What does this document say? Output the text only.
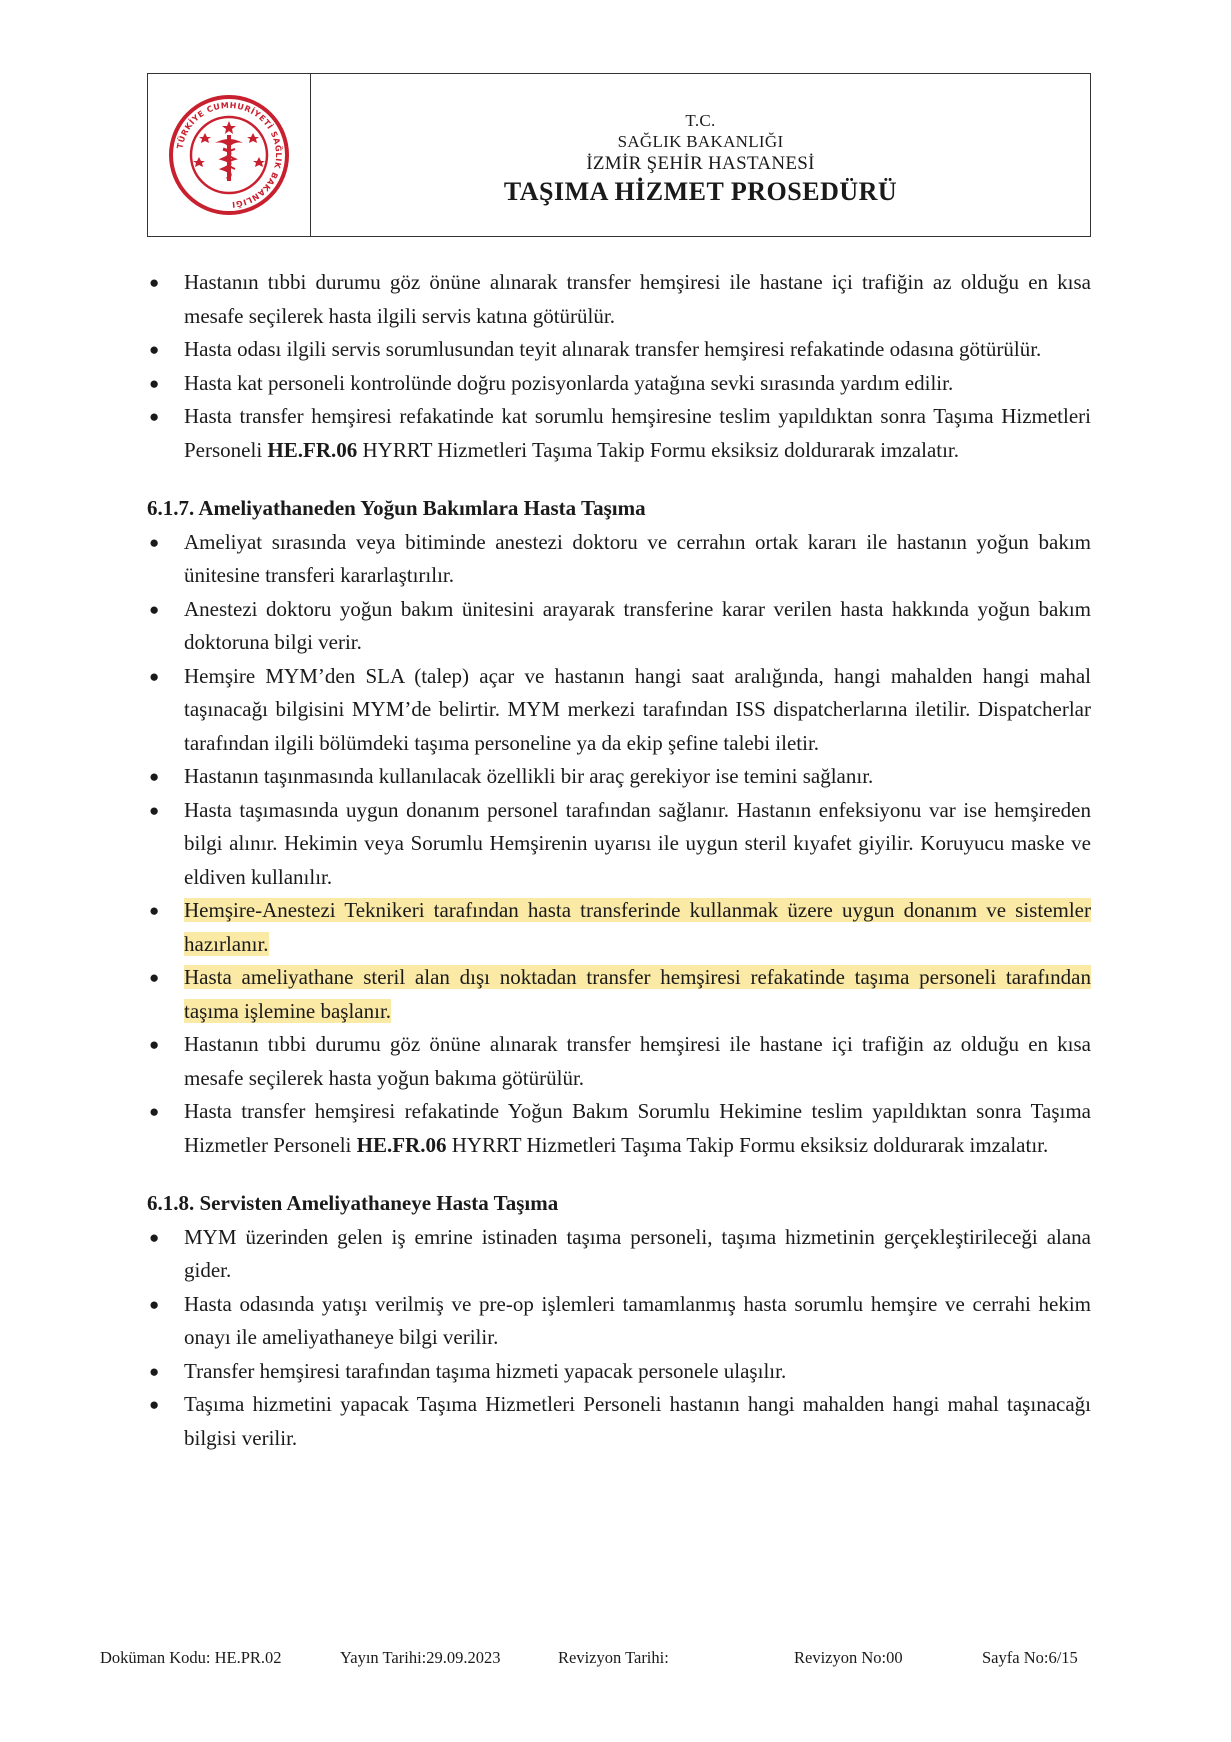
TÜRKİYE CUMHURİYETİ SAĞLIK BAKANLIĞI
T.C.
SAĞLIK BAKANLIĞI
İZMİR ŞEHİR HASTANESİ
TAŞIMA HİZMET PROSEDÜRÜ
● Hastanın tıbbi durumu göz önüne alınarak transfer hemşiresi ile hastane içi trafiğin az olduğu en kısa mesafe seçilerek hasta ilgili servis katına götürülür.
● Hasta odası ilgili servis sorumlusundan teyit alınarak transfer hemşiresi refakatinde odasına götürülür.
● Hasta kat personeli kontrolünde doğru pozisyonlarda yatağına sevki sırasında yardım edilir.
● Hasta transfer hemşiresi refakatinde kat sorumlu hemşiresine teslim yapıldıktan sonra Taşıma Hizmetleri Personeli HE.FR.06 HYRRT Hizmetleri Taşıma Takip Formu eksiksiz doldurarak imzalatır.
6.1.7. Ameliyathaneden Yoğun Bakımlara Hasta Taşıma
● Ameliyat sırasında veya bitiminde anestezi doktoru ve cerrahın ortak kararı ile hastanın yoğun bakım ünitesine transferi kararlaştırılır.
● Anestezi doktoru yoğun bakım ünitesini arayarak transferine karar verilen hasta hakkında yoğun bakım doktoruna bilgi verir.
● Hemşire MYM’den SLA (talep) açar ve hastanın hangi saat aralığında, hangi mahalden hangi mahal taşınacağı bilgisini MYM’de belirtir. MYM merkezi tarafından ISS dispatcherlarına iletilir. Dispatcherlar tarafından ilgili bölümdeki taşıma personeline ya da ekip şefine talebi iletir.
● Hastanın taşınmasında kullanılacak özellikli bir araç gerekiyor ise temini sağlanır.
● Hasta taşımasında uygun donanım personel tarafından sağlanır. Hastanın enfeksiyonu var ise hemşireden bilgi alınır. Hekimin veya Sorumlu Hemşirenin uyarısı ile uygun steril kıyafet giyilir. Koruyucu maske ve eldiven kullanılır.
● Hemşire-Anestezi Teknikeri tarafından hasta transferinde kullanmak üzere uygun donanım ve sistemler hazırlanır.
● Hasta ameliyathane steril alan dışı noktadan transfer hemşiresi refakatinde taşıma personeli tarafından taşıma işlemine başlanır.
● Hastanın tıbbi durumu göz önüne alınarak transfer hemşiresi ile hastane içi trafiğin az olduğu en kısa mesafe seçilerek hasta yoğun bakıma götürülür.
● Hasta transfer hemşiresi refakatinde Yoğun Bakım Sorumlu Hekimine teslim yapıldıktan sonra Taşıma Hizmetler Personeli HE.FR.06 HYRRT Hizmetleri Taşıma Takip Formu eksiksiz doldurarak imzalatır.
6.1.8. Servisten Ameliyathaneye Hasta Taşıma
● MYM üzerinden gelen iş emrine istinaden taşıma personeli, taşıma hizmetinin gerçekleştirileceği alana gider.
● Hasta odasında yatışı verilmiş ve pre-op işlemleri tamamlanmış hasta sorumlu hemşire ve cerrahi hekim onayı ile ameliyathaneye bilgi verilir.
● Transfer hemşiresi tarafından taşıma hizmeti yapacak personele ulaşılır.
● Taşıma hizmetini yapacak Taşıma Hizmetleri Personeli hastanın hangi mahalden hangi mahal taşınacağı bilgisi verilir.
Doküman Kodu: HE.PR.02	Yayın Tarihi:29.09.2023	Revizyon Tarihi:	Revizyon No:00	Sayfa No:6/15
